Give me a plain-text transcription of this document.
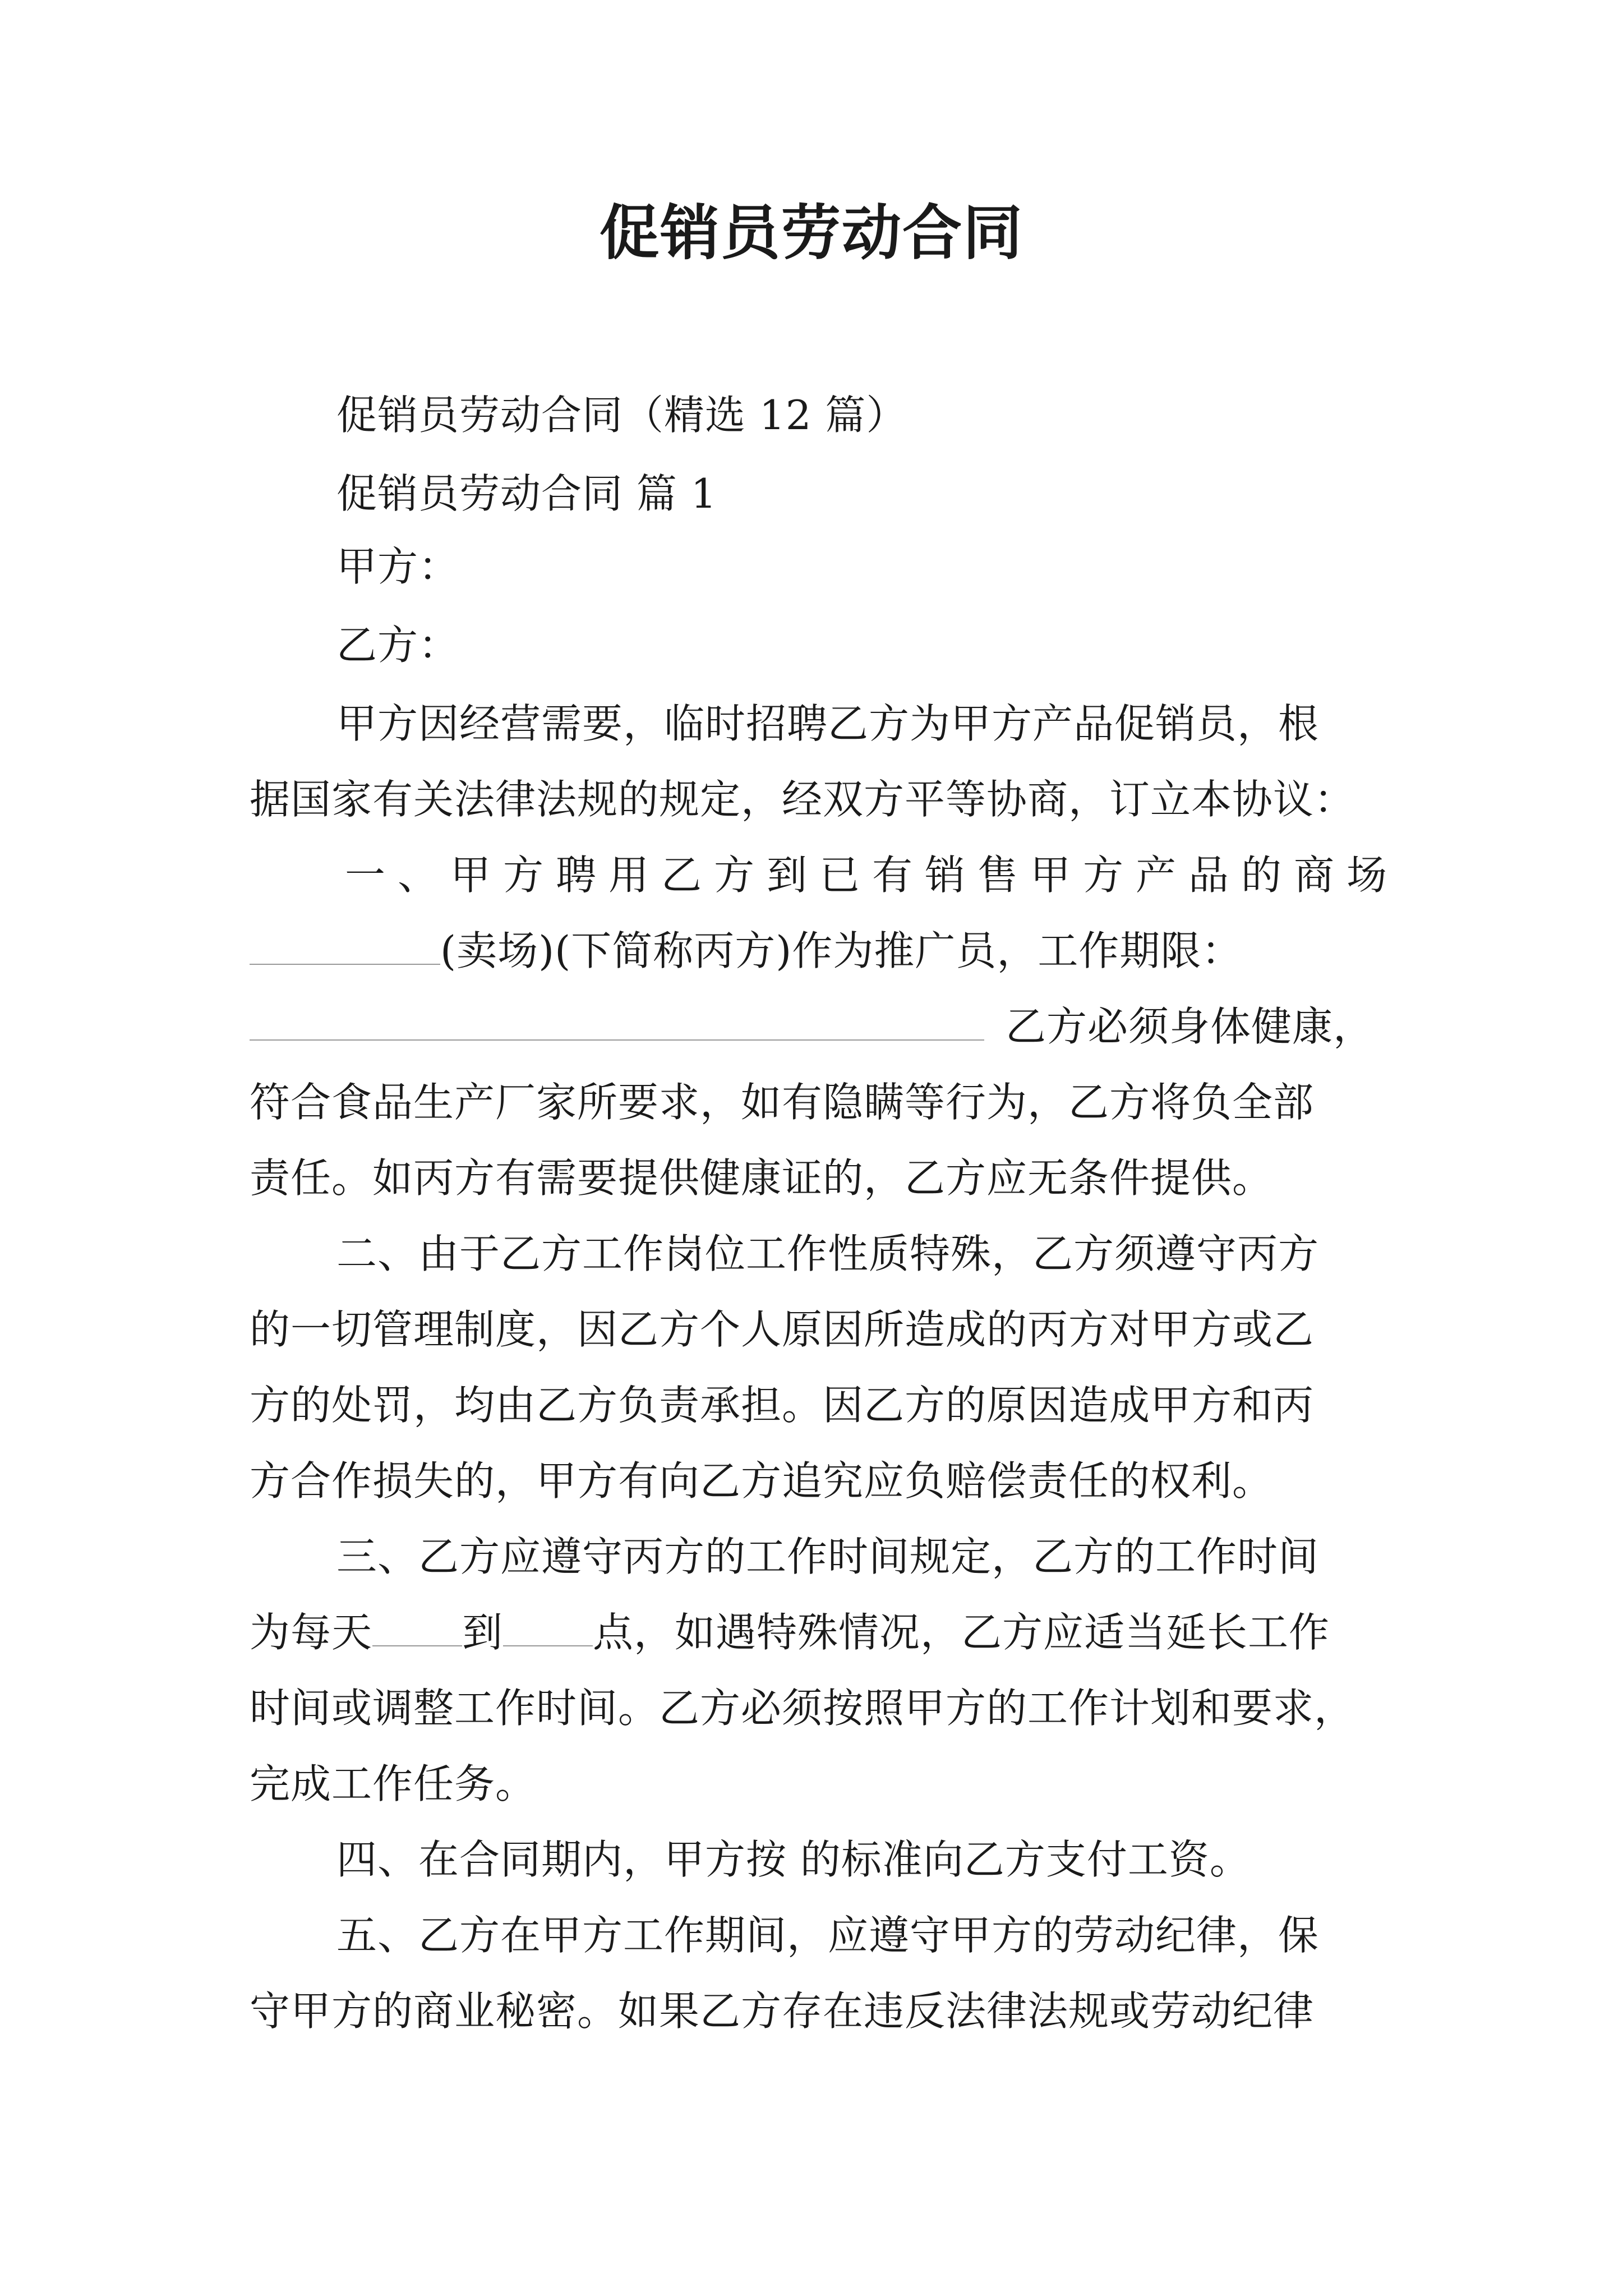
促销员劳动合同
促销员劳动合同（精选 12 篇）
促销员劳动合同 篇 1
甲方：
乙方：
甲方因经营需要，临时招聘乙方为甲方产品促销员，根
据国家有关法律法规的规定，经双方平等协商，订立本协议：
一、甲方聘用乙方到已有销售甲方产品的商场
(卖场)(下简称丙方)作为推广员，工作期限：
乙方必须身体健康，
符合食品生产厂家所要求，如有隐瞒等行为，乙方将负全部
责任。如丙方有需要提供健康证的，乙方应无条件提供。
二、由于乙方工作岗位工作性质特殊，乙方须遵守丙方
的一切管理制度，因乙方个人原因所造成的丙方对甲方或乙
方的处罚，均由乙方负责承担。因乙方的原因造成甲方和丙
方合作损失的，甲方有向乙方追究应负赔偿责任的权利。
三、乙方应遵守丙方的工作时间规定，乙方的工作时间
为每天 到 点，如遇特殊情况，乙方应适当延长工作
时间或调整工作时间。乙方必须按照甲方的工作计划和要求，
完成工作任务。
四、在合同期内，甲方按 的标准向乙方支付工资。
五、乙方在甲方工作期间，应遵守甲方的劳动纪律，保
守甲方的商业秘密。如果乙方存在违反法律法规或劳动纪律
